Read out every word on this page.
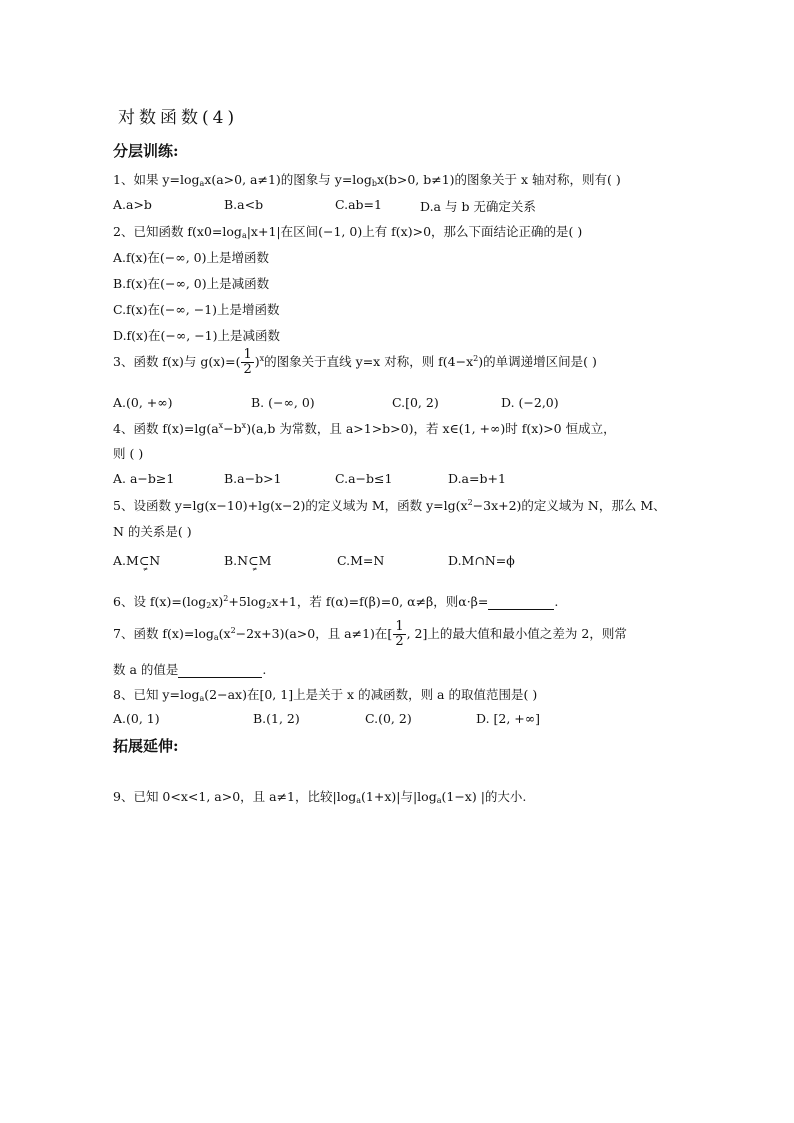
对数函数(4)
分层训练:
1、如果 $y=\log_ax(a>0$, a≠1)的图象与 $y=\log_bx(b>0$, b≠1)的图象关于 x 轴对称，则有( )
A.a>b	B.a<b	C.ab=1	D.a 与 b 无确定关系
2、已知函数 $f(x0=\log_a|x+1|$在区间(−1, 0)上有 f(x)>0，那么下面结论正确的是( )
A.f(x)在(−∞, 0)上是增函数
B.f(x)在(−∞, 0)上是减函数
C.f(x)在(−∞, −1)上是增函数
D.f(x)在(−∞, −1)上是减函数
3、函数 f(x)与 $g(x)=( \frac{1}{2} )^x$的图象关于直线 y=x 对称，则 $f(4-x^2)$的单调递增区间是( )
A.(0, +∞)	B. (−∞, 0)	C.[0, 2)	D. (−2,0)
4、函数 $f(x)=\lg(a^x-b^x)(a,b$ 为常数，且 a>1>b>0)，若 x∈(1, +∞)时 f(x)>0 恒成立，
则 ( )
A. a−b≥1	B.a−b>1	C.a−b≤1	D.a=b+1
5、设函数 y=lg(x−10)+lg(x−2)的定义域为 M，函数 $y=\lg(x^2-3x+2)$的定义域为 N，那么 M、
N 的关系是( )
A.M⊂
≠
N	B.N⊂
≠
M	C.M=N	D.M∩N=ϕ
6、设 $f(x)=(\log_2x)^2+5\log_2x+1$，若 f(α)=f(β)=0, α≠β，则α·β=	.
7、函数 $f(x)=\log_a(x^2-2x+3)(a>0$，且 a≠1)在[ $\frac{1}{2}$ , 2]上的最大值和最小值之差为 2，则常
数 a 的值是	.
8、已知 $y=\log_a(2-ax)$在[0, 1]上是关于 x 的减函数，则 a 的取值范围是( )
A.(0, 1)	B.(1, 2)	C.(0, 2)	D. [2, +∞]
拓展延伸:
9、已知 0<x<1, a>0，且 a≠1，比较$|\log_a(1+x)|$与$|\log_a(1-x)$ |的大小.
